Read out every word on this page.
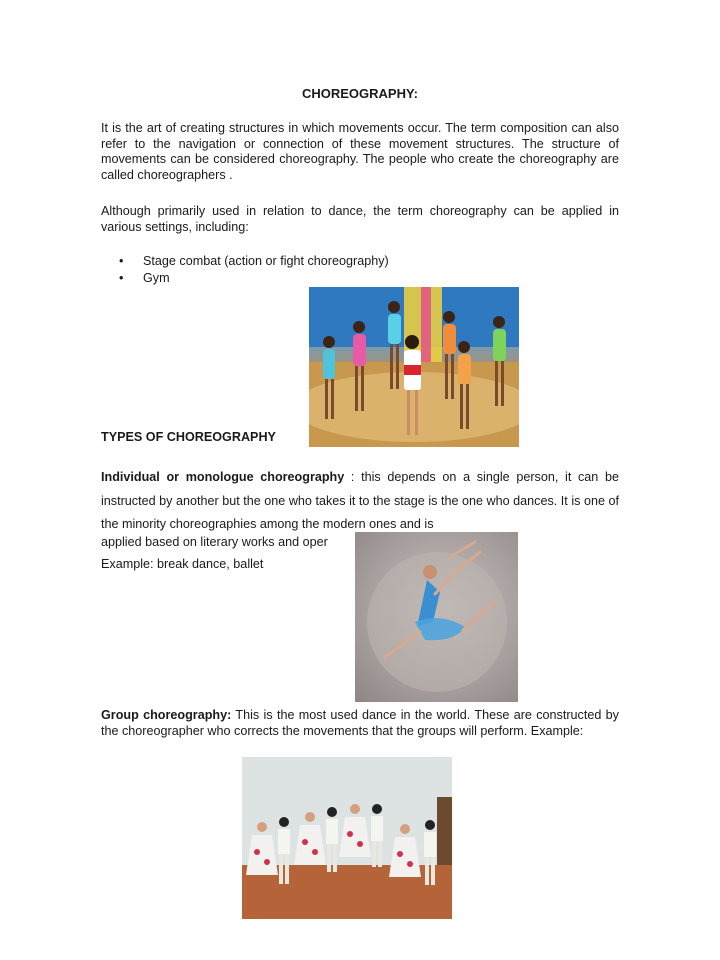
CHOREOGRAPHY:
It is the art of creating structures in which movements occur. The term composition can also refer to the navigation or connection of these movement structures. The structure of movements can be considered choreography. The people who create the choreography are called choreographers .
Although primarily used in relation to dance, the term choreography can be applied in various settings, including:
• Stage combat (action or fight choreography)
• Gym
TYPES OF CHOREOGRAPHY
Individual or monologue choreography : this depends on a single person, it can be instructed by another but the one who takes it to the stage is the one who dances. It is one of the minority choreographies among the modern ones and is
applied based on literary works and oper
Example: break dance, ballet
Group choreography: This is the most used dance in the world. These are constructed by the choreographer who corrects the movements that the groups will perform. Example:
